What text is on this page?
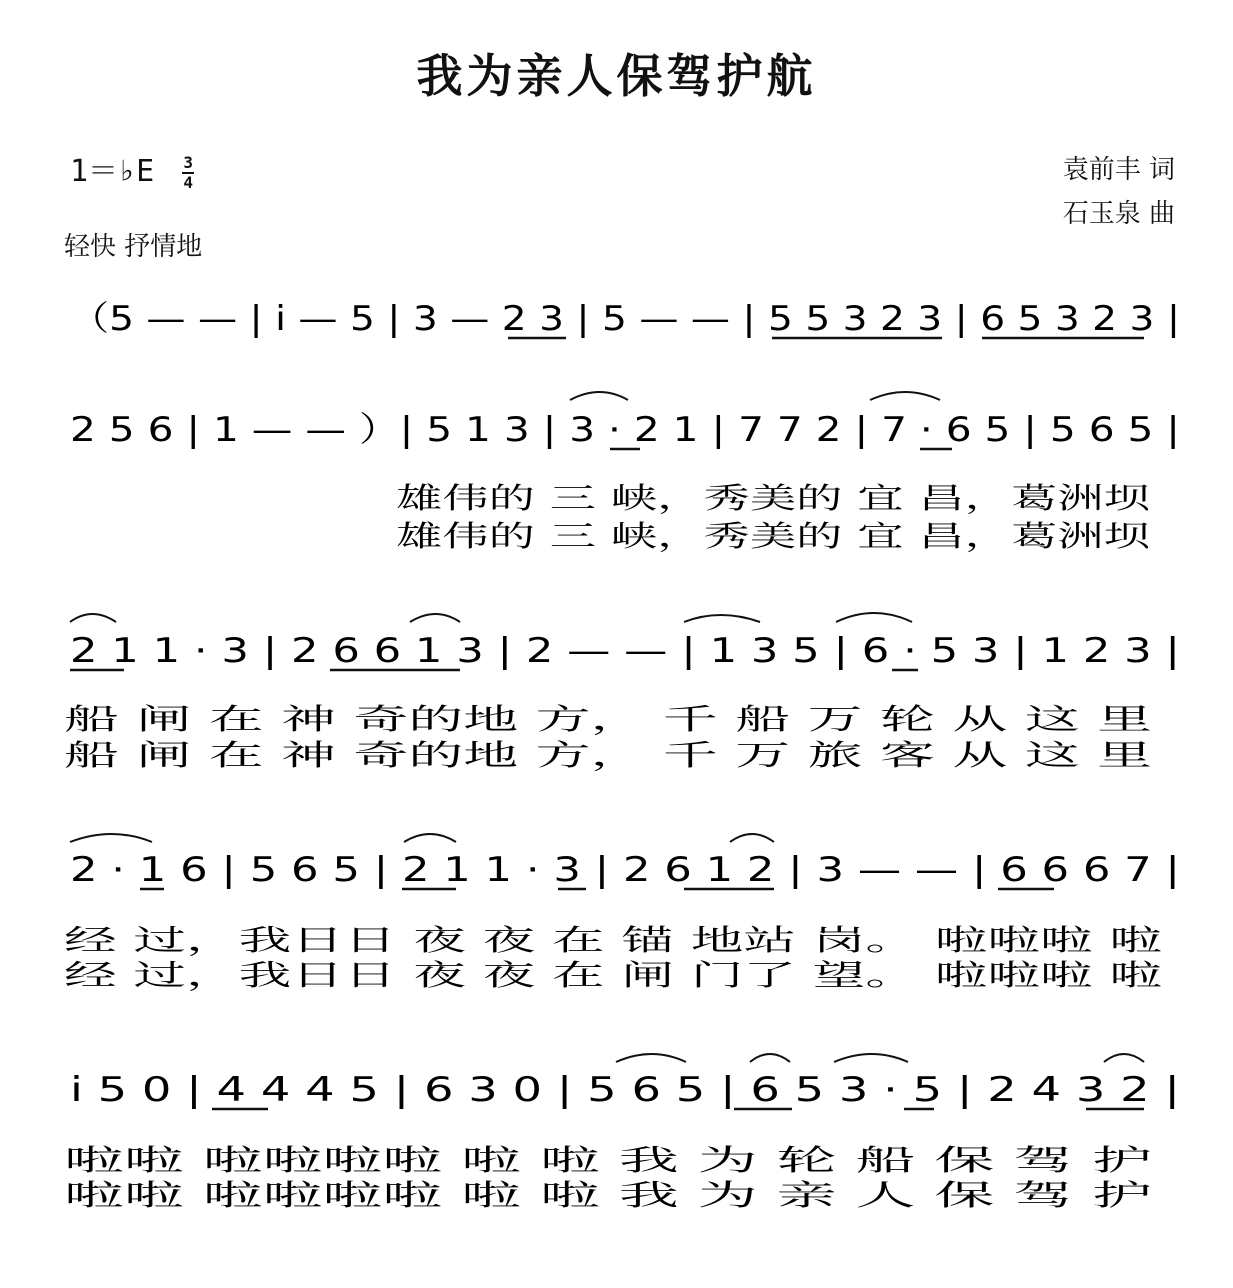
我为亲人保驾护航
1＝♭E $\frac{3}{4}$	袁前丰 词
石玉泉 曲
轻快 抒情地
（5 — — | i — 5 | 3 — 2 3 | 5 — — | 5 5 3 2 3 | 6 5 3 2 3 |
2 5 6 | 1 — — ）| 5 1 3 | 3 · 2 1 | 7 7 2 | 7 · 6 5 | 5 6 5 |
雄伟的 三 峡，秀美的 宜 昌，葛洲坝
雄伟的 三 峡，秀美的 宜 昌，葛洲坝
2 1 1 · 3 | 2 6 6 1 3 | 2 — — | 1 3 5 | 6 · 5 3 | 1 2 3 |
船 闸 在 神 奇的地 方， 千 船 万 轮 从 这 里
船 闸 在 神 奇的地 方， 千 万 旅 客 从 这 里
2 · 1 6 | 5 6 5 | 2 1 1 · 3 | 2 6 1 2 | 3 — — | 6 6 6 7 |
经 过，我日日 夜 夜 在 锚 地站 岗。 啦啦啦 啦
经 过，我日日 夜 夜 在 闸 门了 望。 啦啦啦 啦
i 5 0 | 4 4 4 5 | 6 3 0 | 5 6 5 | 6 5 3 · 5 | 2 4 3 2 |
啦啦 啦啦啦啦 啦 啦 我 为 轮 船 保 驾 护
啦啦 啦啦啦啦 啦 啦 我 为 亲 人 保 驾 护
